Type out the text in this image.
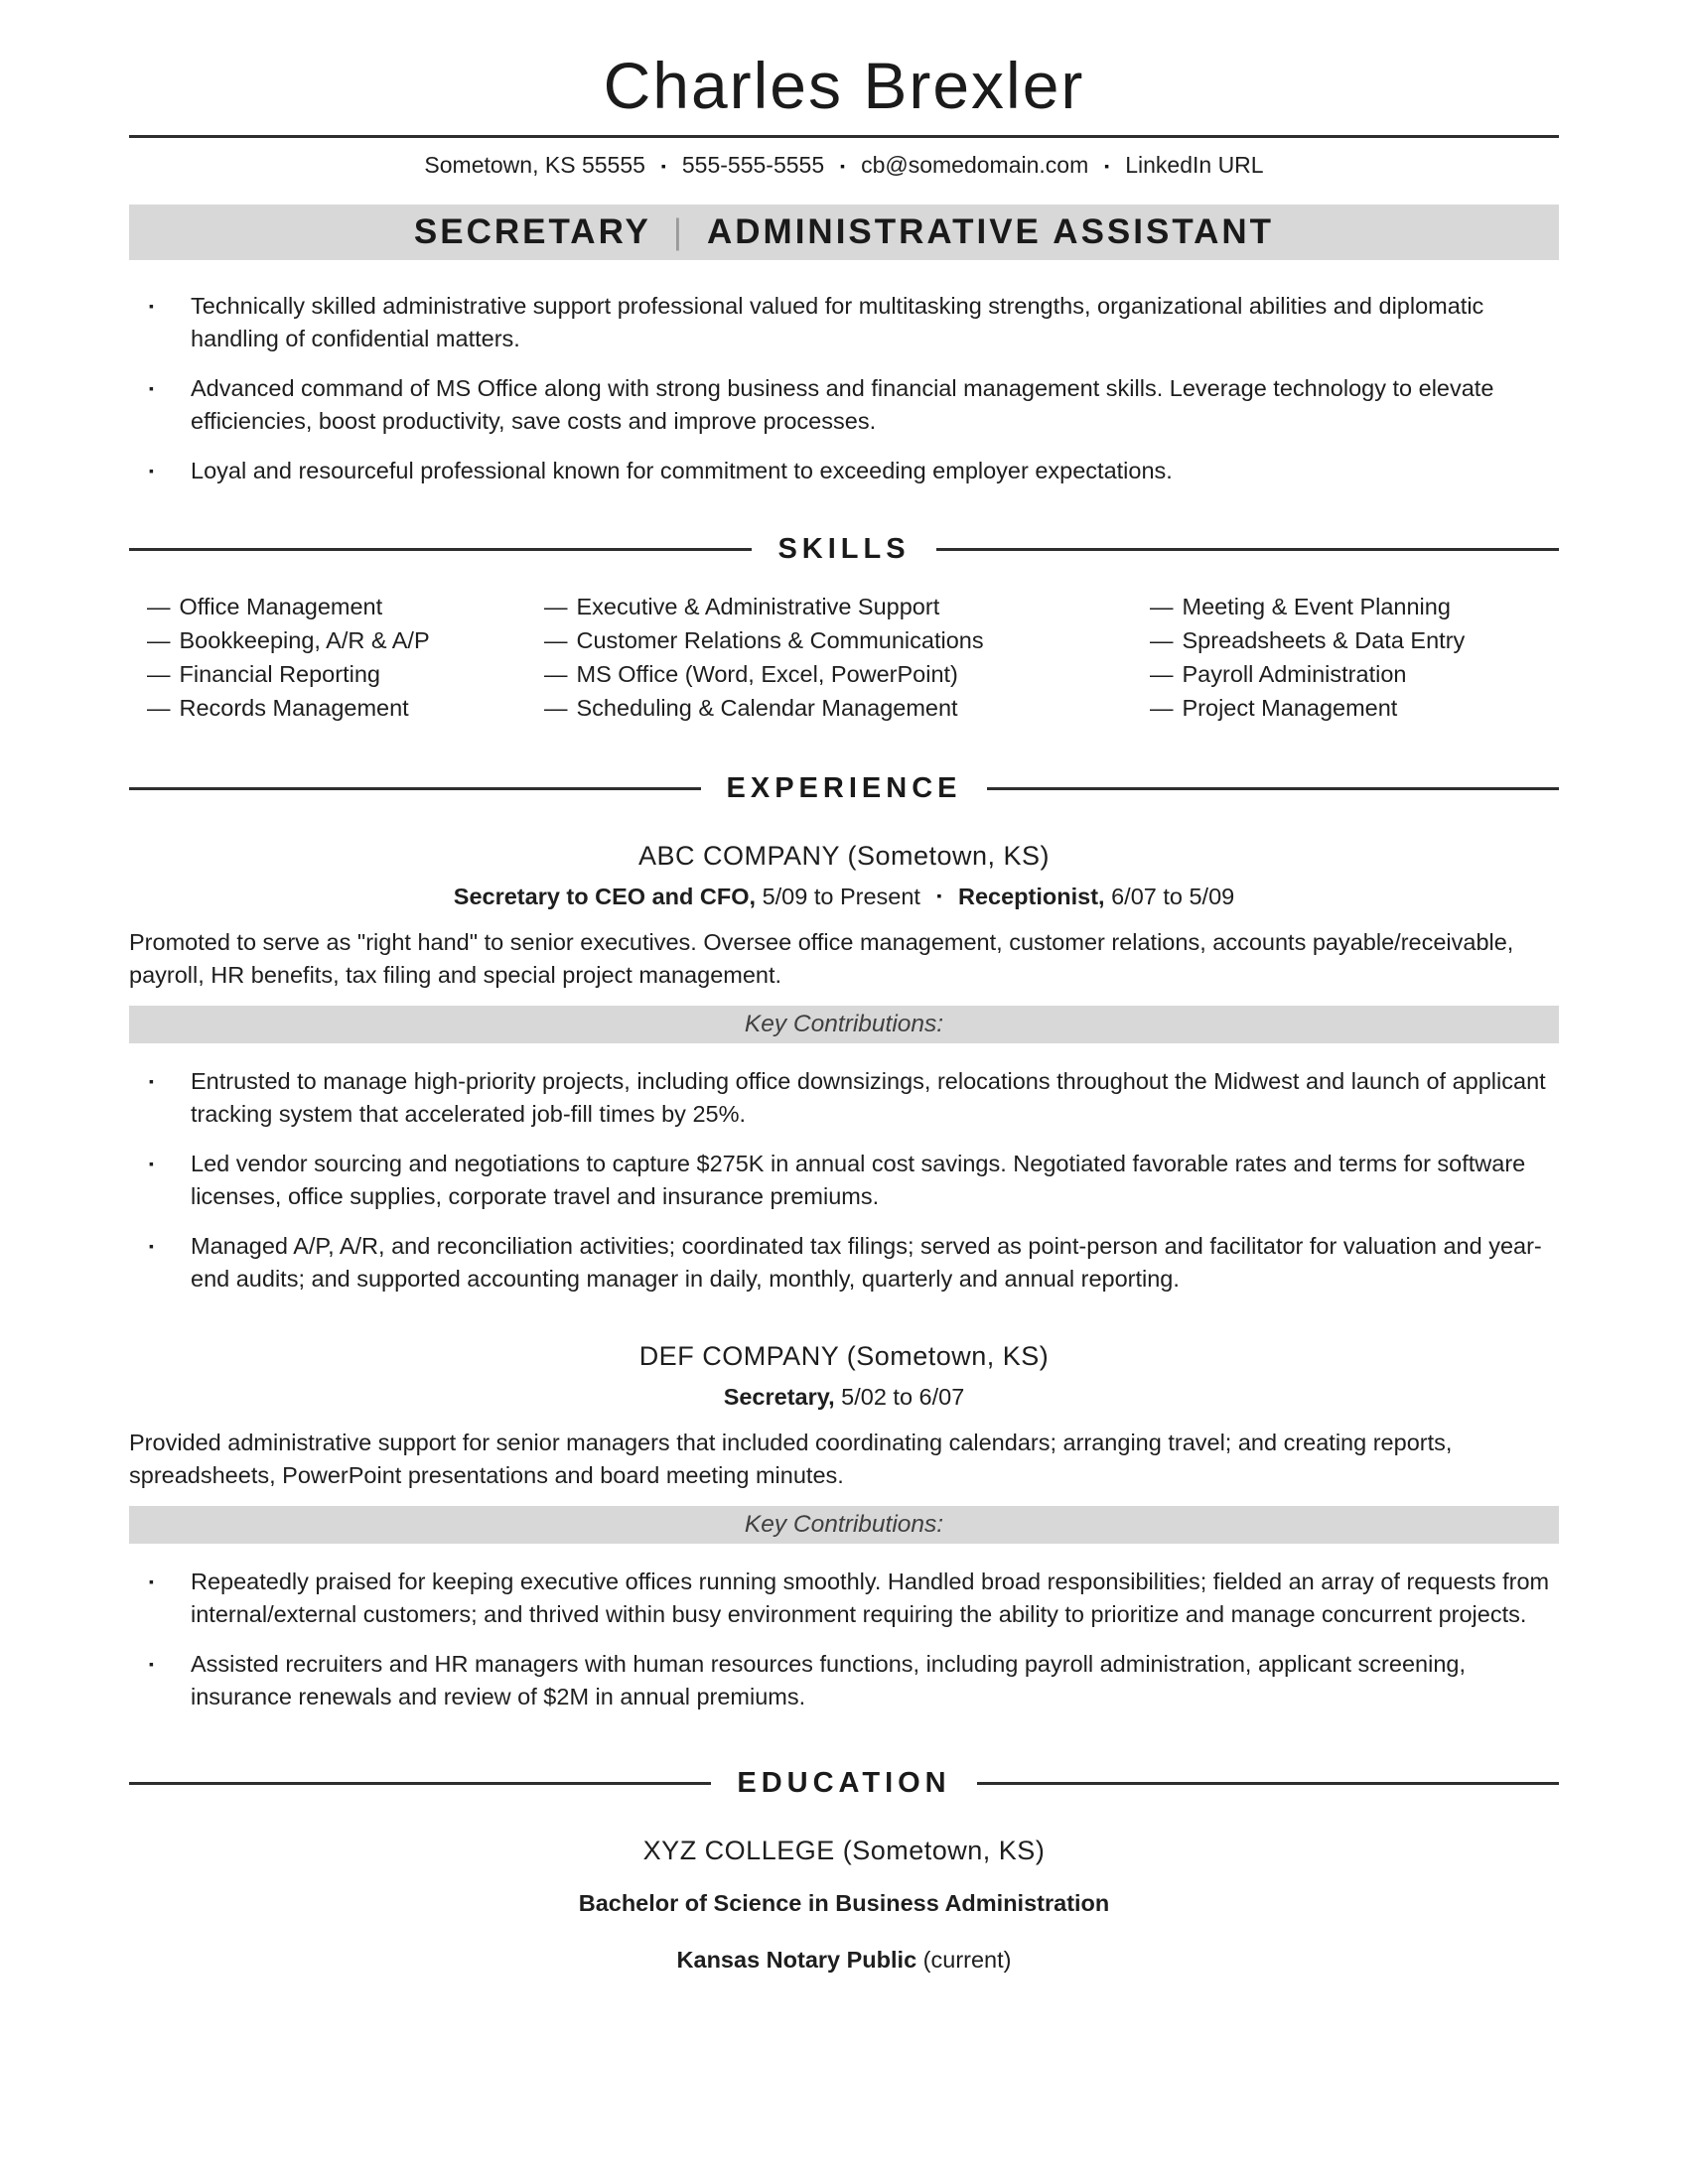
Charles Brexler
Sometown, KS 55555 ▪ 555-555-5555 ▪ cb@somedomain.com ▪ LinkedIn URL
SECRETARY | ADMINISTRATIVE ASSISTANT
▪ Technically skilled administrative support professional valued for multitasking strengths, organizational abilities and diplomatic handling of confidential matters.
▪ Advanced command of MS Office along with strong business and financial management skills. Leverage technology to elevate efficiencies, boost productivity, save costs and improve processes.
▪ Loyal and resourceful professional known for commitment to exceeding employer expectations.
SKILLS
— Office Management
— Bookkeeping, A/R & A/P
— Financial Reporting
— Records Management
— Executive & Administrative Support
— Customer Relations & Communications
— MS Office (Word, Excel, PowerPoint)
— Scheduling & Calendar Management
— Meeting & Event Planning
— Spreadsheets & Data Entry
— Payroll Administration
— Project Management
EXPERIENCE
ABC COMPANY (Sometown, KS)

Secretary to CEO and CFO, 5/09 to Present ▪ Receptionist, 6/07 to 5/09

Promoted to serve as "right hand" to senior executives. Oversee office management, customer relations, accounts payable/receivable, payroll, HR benefits, tax filing and special project management.

Key Contributions:
▪ Entrusted to manage high-priority projects, including office downsizings, relocations throughout the Midwest and launch of applicant tracking system that accelerated job-fill times by 25%.
▪ Led vendor sourcing and negotiations to capture $275K in annual cost savings. Negotiated favorable rates and terms for software licenses, office supplies, corporate travel and insurance premiums.
▪ Managed A/P, A/R, and reconciliation activities; coordinated tax filings; served as point-person and facilitator for valuation and year-end audits; and supported accounting manager in daily, monthly, quarterly and annual reporting.
DEF COMPANY (Sometown, KS)

Secretary, 5/02 to 6/07

Provided administrative support for senior managers that included coordinating calendars; arranging travel; and creating reports, spreadsheets, PowerPoint presentations and board meeting minutes.

Key Contributions:
▪ Repeatedly praised for keeping executive offices running smoothly. Handled broad responsibilities; fielded an array of requests from internal/external customers; and thrived within busy environment requiring the ability to prioritize and manage concurrent projects.
▪ Assisted recruiters and HR managers with human resources functions, including payroll administration, applicant screening, insurance renewals and review of $2M in annual premiums.
EDUCATION
XYZ COLLEGE (Sometown, KS)

Bachelor of Science in Business Administration

Kansas Notary Public (current)
